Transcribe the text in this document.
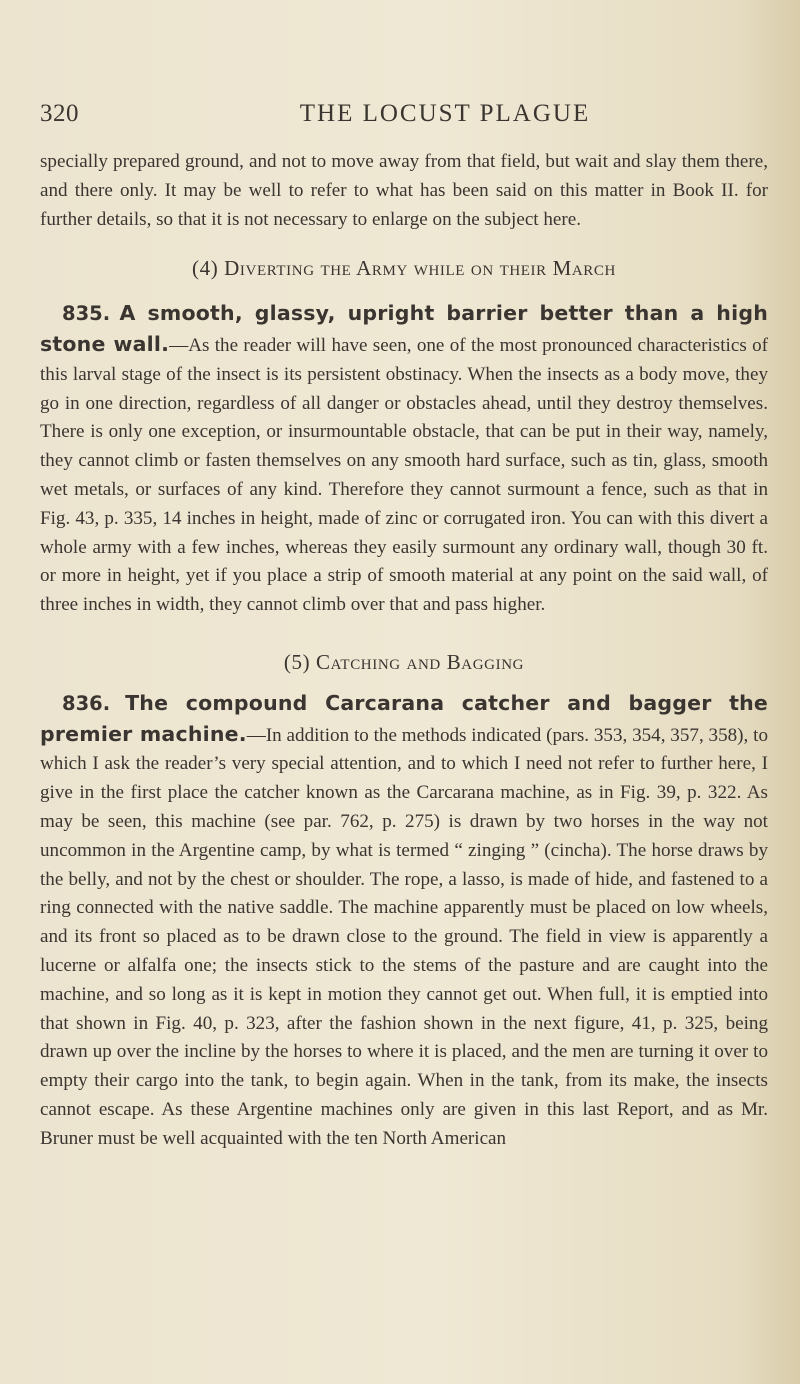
320	THE LOCUST PLAGUE

specially prepared ground, and not to move away from that field, but wait and slay them there, and there only. It may be well to refer to what has been said on this matter in Book II. for further details, so that it is not necessary to enlarge on the subject here.

(4) Diverting the Army while on their March

835. A smooth, glassy, upright barrier better than a high stone wall.—As the reader will have seen, one of the most pronounced characteristics of this larval stage of the insect is its persistent obstinacy. When the insects as a body move, they go in one direction, regardless of all danger or obstacles ahead, until they destroy themselves. There is only one exception, or insurmountable obstacle, that can be put in their way, namely, they cannot climb or fasten themselves on any smooth hard surface, such as tin, glass, smooth wet metals, or surfaces of any kind. Therefore they cannot surmount a fence, such as that in Fig. 43, p. 335, 14 inches in height, made of zinc or corrugated iron. You can with this divert a whole army with a few inches, whereas they easily surmount any ordinary wall, though 30 ft. or more in height, yet if you place a strip of smooth material at any point on the said wall, of three inches in width, they cannot climb over that and pass higher.

(5) Catching and Bagging

836. The compound Carcarana catcher and bagger the premier machine.—In addition to the methods indicated (pars. 353, 354, 357, 358), to which I ask the reader’s very special attention, and to which I need not refer to further here, I give in the first place the catcher known as the Carcarana machine, as in Fig. 39, p. 322. As may be seen, this machine (see par. 762, p. 275) is drawn by two horses in the way not uncommon in the Argentine camp, by what is termed “ zinging ” (cincha). The horse draws by the belly, and not by the chest or shoulder. The rope, a lasso, is made of hide, and fastened to a ring connected with the native saddle. The machine apparently must be placed on low wheels, and its front so placed as to be drawn close to the ground. The field in view is apparently a lucerne or alfalfa one; the insects stick to the stems of the pasture and are caught into the machine, and so long as it is kept in motion they cannot get out. When full, it is emptied into that shown in Fig. 40, p. 323, after the fashion shown in the next figure, 41, p. 325, being drawn up over the incline by the horses to where it is placed, and the men are turning it over to empty their cargo into the tank, to begin again. When in the tank, from its make, the insects cannot escape. As these Argentine machines only are given in this last Report, and as Mr. Bruner must be well acquainted with the ten North American
